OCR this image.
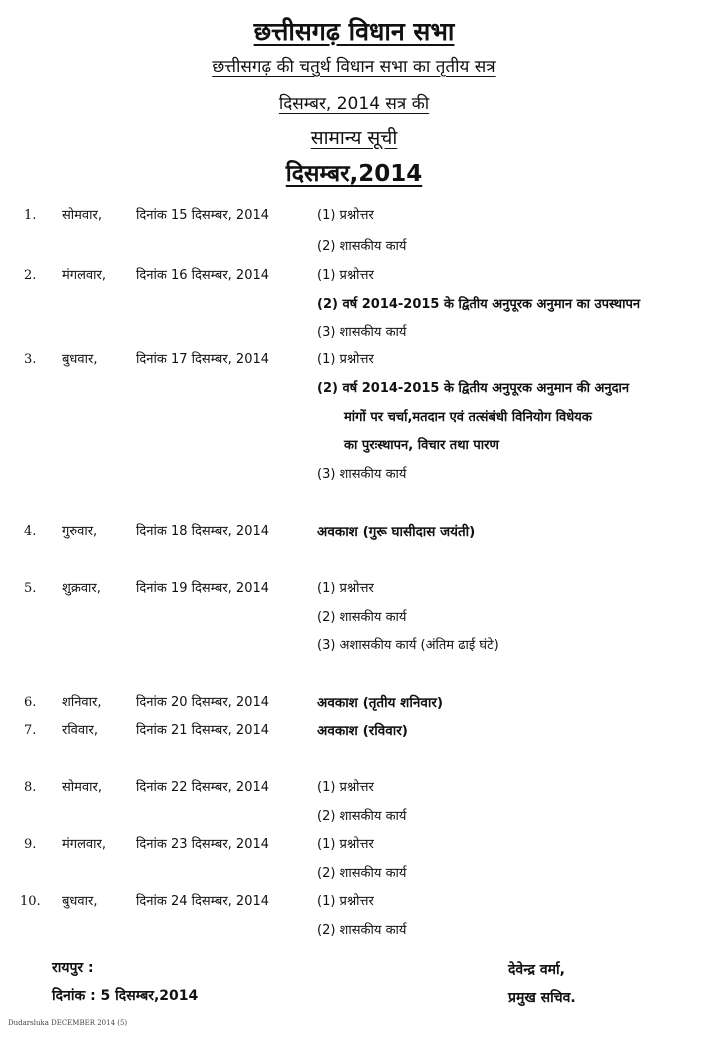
छत्तीसगढ़ विधान सभा
छत्तीसगढ़ की चतुर्थ विधान सभा का तृतीय सत्र
दिसम्बर, 2014 सत्र की
सामान्य सूची
दिसम्बर,2014
1. सोमवार,	दिनांक 15 दिसम्बर, 2014	(1) प्रश्नोत्तर
(2) शासकीय कार्य
2. मंगलवार, दिनांक 16 दिसम्बर, 2014	(1) प्रश्नोत्तर
(2) वर्ष 2014-2015 के द्वितीय अनुपूरक अनुमान का उपस्थापन
(3) शासकीय कार्य
3. बुधवार,	दिनांक 17 दिसम्बर, 2014	(1) प्रश्नोत्तर
(2) वर्ष 2014-2015 के द्वितीय अनुपूरक अनुमान की अनुदान
मांगों पर चर्चा,मतदान एवं तत्संबंधी विनियोग विधेयक
का पुरःस्थापन, विचार तथा पारण
(3) शासकीय कार्य
4. गुरुवार,	दिनांक 18 दिसम्बर, 2014	अवकाश (गुरू घासीदास जयंती)
5. शुक्रवार,	दिनांक 19 दिसम्बर, 2014	(1) प्रश्नोत्तर
(2) शासकीय कार्य
(3) अशासकीय कार्य (अंतिम ढाई घंटे)
6. शनिवार,	दिनांक 20 दिसम्बर, 2014	अवकाश (तृतीय शनिवार)
7. रविवार,	दिनांक 21 दिसम्बर, 2014	अवकाश (रविवार)
8. सोमवार,	दिनांक 22 दिसम्बर, 2014	(1) प्रश्नोत्तर
(2) शासकीय कार्य
9. मंगलवार, दिनांक 23 दिसम्बर, 2014	(1) प्रश्नोत्तर
(2) शासकीय कार्य
10. बुधवार,	दिनांक 24 दिसम्बर, 2014	(1) प्रश्नोत्तर
(2) शासकीय कार्य
रायपुर :
दिनांक : 5 दिसम्बर,2014
देवेन्द्र वर्मा,
प्रमुख सचिव.
Dudarsluka DECEMBER 2014 (5)
